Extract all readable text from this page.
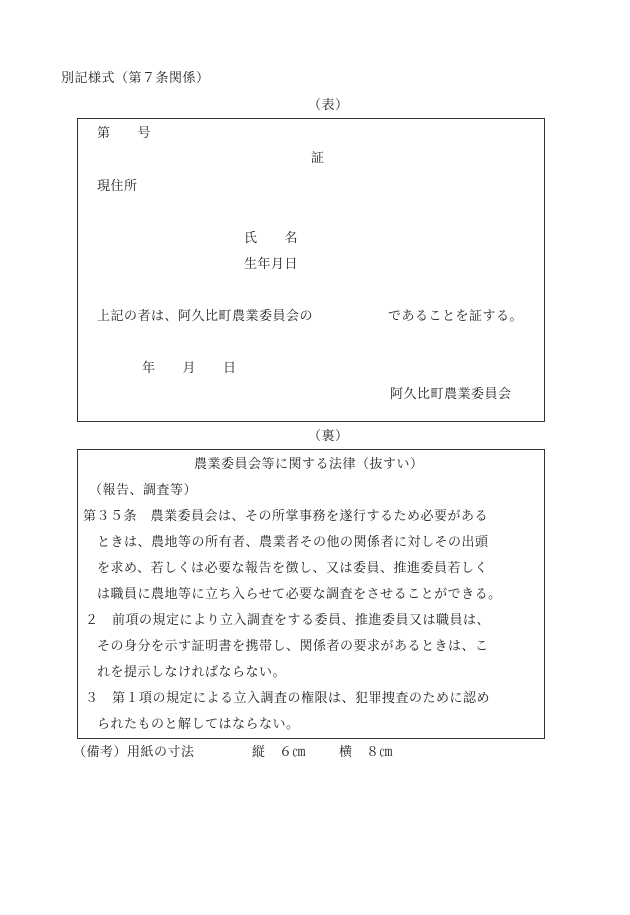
別記様式（第７条関係）
（表）
第　　号
証
現住所
氏　　名
生年月日
上記の者は、阿久比町農業委員会の	であることを証する。
年　　月　　日
阿久比町農業委員会
（裏）
農業委員会等に関する法律（抜すい）
（報告、調査等）
第３５条　農業委員会は、その所掌事務を遂行するため必要がある
ときは、農地等の所有者、農業者その他の関係者に対しその出頭
を求め、若しくは必要な報告を徴し、又は委員、推進委員若しく
は職員に農地等に立ち入らせて必要な調査をさせることができる。
２　前項の規定により立入調査をする委員、推進委員又は職員は、
その身分を示す証明書を携帯し、関係者の要求があるときは、こ
れを提示しなければならない。
３　第１項の規定による立入調査の権限は、犯罪捜査のために認め
られたものと解してはならない。
（備考）用紙の寸法	縦　６㎝	横　８㎝
